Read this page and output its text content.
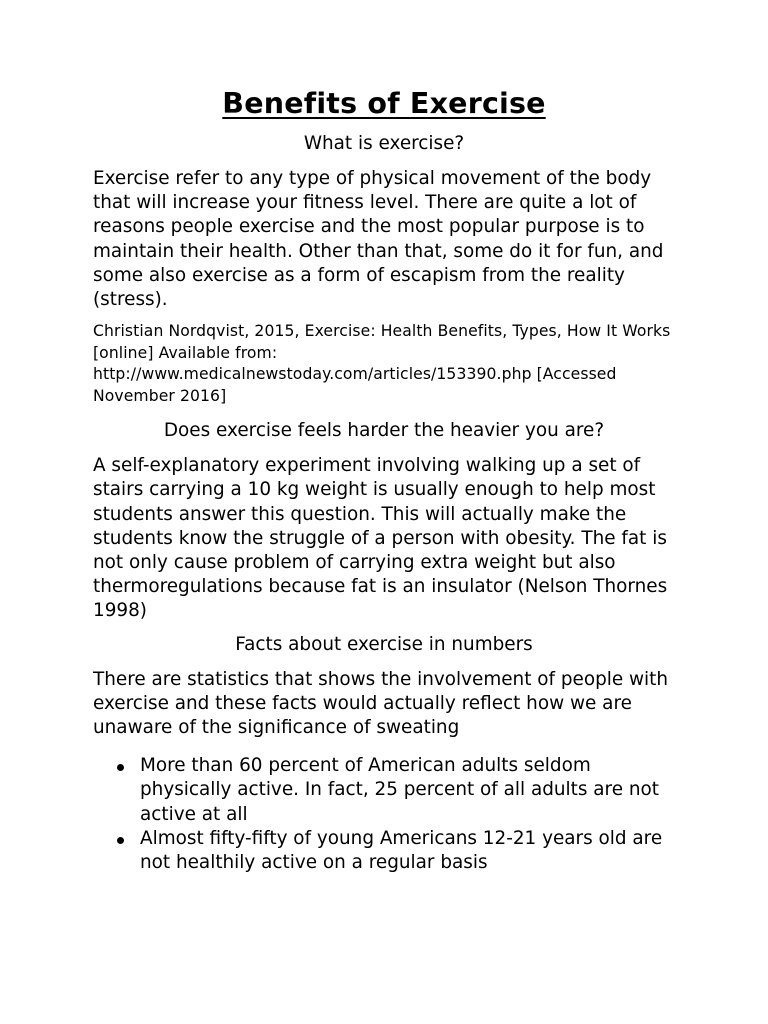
Benefits of Exercise
What is exercise?

Exercise refer to any type of physical movement of the body that will increase your fitness level. There are quite a lot of reasons people exercise and the most popular purpose is to maintain their health. Other than that, some do it for fun, and some also exercise as a form of escapism from the reality (stress).

Christian Nordqvist, 2015, Exercise: Health Benefits, Types, How It Works [online] Available from: http://www.medicalnewstoday.com/articles/153390.php [Accessed November 2016]

Does exercise feels harder the heavier you are?

A self-explanatory experiment involving walking up a set of stairs carrying a 10 kg weight is usually enough to help most students answer this question. This will actually make the students know the struggle of a person with obesity. The fat is not only cause problem of carrying extra weight but also thermoregulations because fat is an insulator (Nelson Thornes 1998)

Facts about exercise in numbers

There are statistics that shows the involvement of people with exercise and these facts would actually reflect how we are unaware of the significance of sweating

More than 60 percent of American adults seldom physically active. In fact, 25 percent of all adults are not active at all
Almost fifty-fifty of young Americans 12-21 years old are not healthily active on a regular basis
